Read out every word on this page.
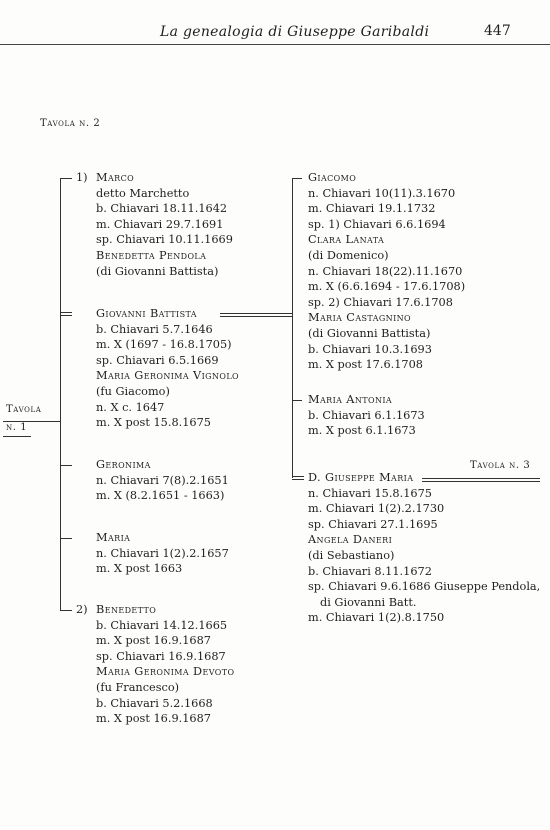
La genealogia di Giuseppe Garibaldi	447
Tavola n. 2
Tavola
n. 1
1)
2)
Marco
detto Marchetto
b. Chiavari 18.11.1642
m. Chiavari 29.7.1691
sp. Chiavari 10.11.1669
Benedetta Pendola
(di Giovanni Battista)
Giovanni Battista
b. Chiavari 5.7.1646
m. X (1697 - 16.8.1705)
sp. Chiavari 6.5.1669
Maria Geronima Vignolo
(fu Giacomo)
n. X c. 1647
m. X post 15.8.1675
Geronima
n. Chiavari 7(8).2.1651
m. X (8.2.1651 - 1663)
Maria
n. Chiavari 1(2).2.1657
m. X post 1663
Benedetto
b. Chiavari 14.12.1665
m. X post 16.9.1687
sp. Chiavari 16.9.1687
Maria Geronima Devoto
(fu Francesco)
b. Chiavari 5.2.1668
m. X post 16.9.1687
Giacomo
n. Chiavari 10(11).3.1670
m. Chiavari 19.1.1732
sp. 1) Chiavari 6.6.1694
Clara Lanata
(di Domenico)
n. Chiavari 18(22).11.1670
m. X (6.6.1694 - 17.6.1708)
sp. 2) Chiavari 17.6.1708
Maria Castagnino
(di Giovanni Battista)
b. Chiavari 10.3.1693
m. X post 17.6.1708
Maria Antonia
b. Chiavari 6.1.1673
m. X post 6.1.1673
Tavola n. 3
D. Giuseppe Maria
n. Chiavari 15.8.1675
m. Chiavari 1(2).2.1730
sp. Chiavari 27.1.1695
Angela Daneri
(di Sebastiano)
b. Chiavari 8.11.1672
sp. Chiavari 9.6.1686 Giuseppe Pendola,
di Giovanni Batt.
m. Chiavari 1(2).8.1750
